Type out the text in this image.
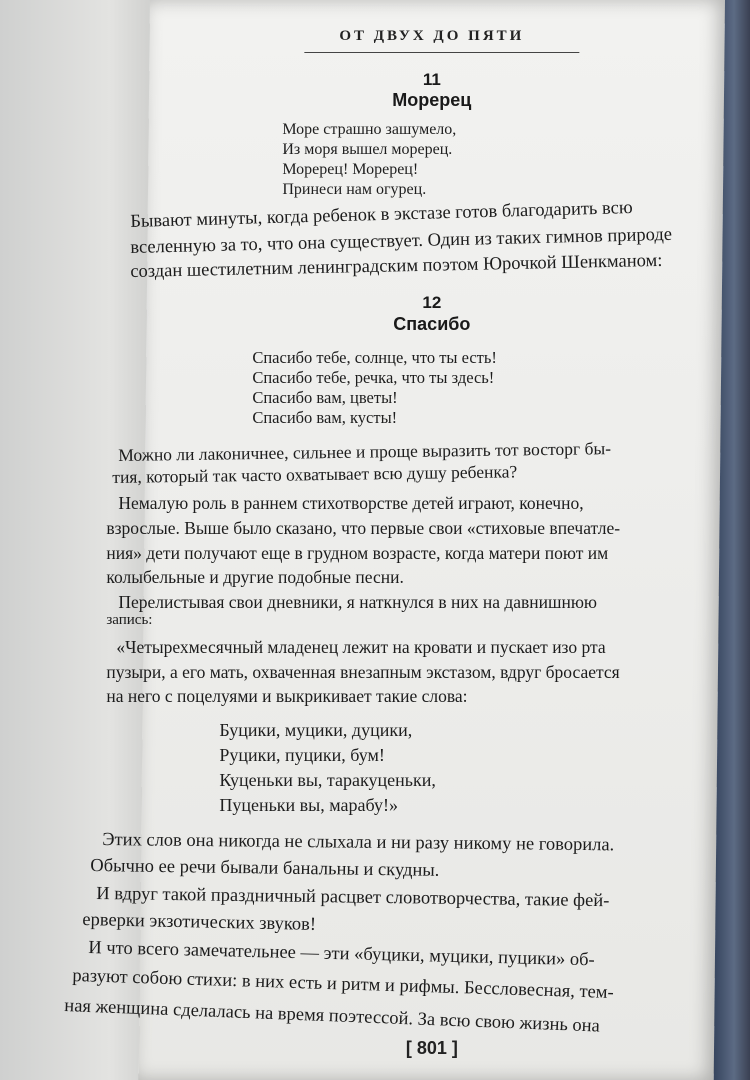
ОТ ДВУХ ДО ПЯТИ
11
Моререц
Море страшно зашумело,
Из моря вышел моререц.
Моререц! Моререц!
Принеси нам огурец.
Бывают минуты, когда ребенок в экстазе готов благодарить всю
вселенную за то, что она существует. Один из таких гимнов природе
создан шестилетним ленинградским поэтом Юрочкой Шенкманом:
12
Спасибо
Спасибо тебе, солнце, что ты есть!
Спасибо тебе, речка, что ты здесь!
Спасибо вам, цветы!
Спасибо вам, кусты!
Можно ли лаконичнее, сильнее и проще выразить тот восторг бы-
тия, который так часто охватывает всю душу ребенка?
Немалую роль в раннем стихотворстве детей играют, конечно,
взрослые. Выше было сказано, что первые свои «стиховые впечатле-
ния» дети получают еще в грудном возрасте, когда матери поют им
колыбельные и другие подобные песни.
Перелистывая свои дневники, я наткнулся в них на давнишнюю
запись:
«Четырехмесячный младенец лежит на кровати и пускает изо рта
пузыри, а его мать, охваченная внезапным экстазом, вдруг бросается
на него с поцелуями и выкрикивает такие слова:
Буцики, муцики, дуцики,
Руцики, пуцики, бум!
Куценьки вы, таракуценьки,
Пуценьки вы, марабу!»
Этих слов она никогда не слыхала и ни разу никому не говорила.
Обычно ее речи бывали банальны и скудны.
И вдруг такой праздничный расцвет словотворчества, такие фей-
ерверки экзотических звуков!
И что всего замечательнее — эти «буцики, муцики, пуцики» об-
разуют собою стихи: в них есть и ритм и рифмы. Бессловесная, тем-
ная женщина сделалась на время поэтессой. За всю свою жизнь она
[ 801 ]
